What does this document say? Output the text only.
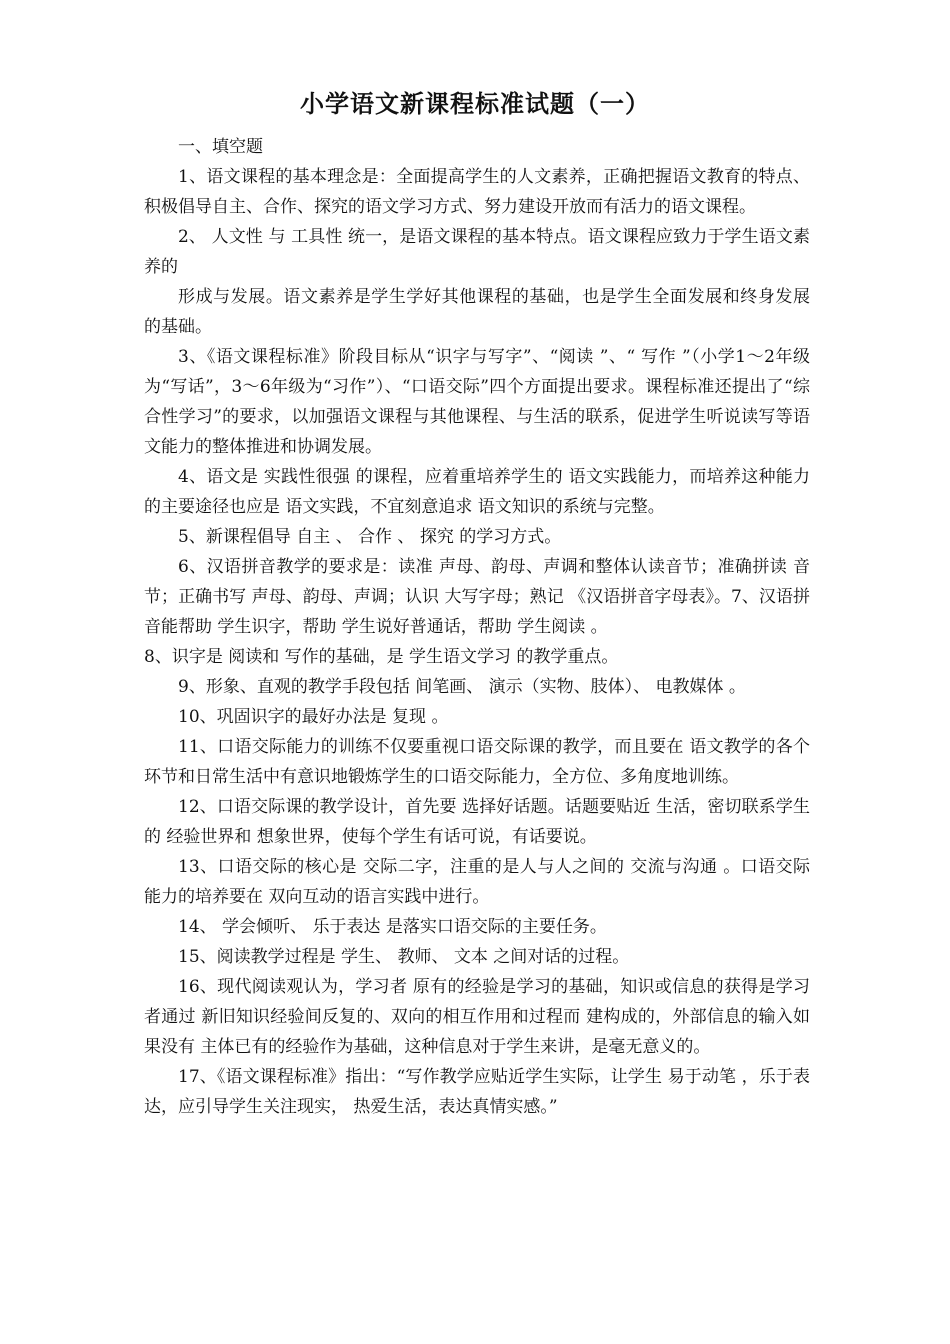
小学语文新课程标准试题（一）

一、填空题

1、语文课程的基本理念是：全面提高学生的人文素养，正确把握语文教育的特点、积极倡导自主、合作、探究的语文学习方式、努力建设开放而有活力的语文课程。

2、 人文性 与 工具性 统一，是语文课程的基本特点。语文课程应致力于学生语文素养的

形成与发展。语文素养是学生学好其他课程的基础，也是学生全面发展和终身发展 的基础。

3、《语文课程标准》阶段目标从“识字与写字”、“阅读 ”、“ 写作 ”（小学1～2年级为“写话”，3～6年级为“习作”）、“口语交际”四个方面提出要求。课程标准还提出了“综合性学习”的要求，以加强语文课程与其他课程、与生活的联系，促进学生听说读写等语文能力的整体推进和协调发展。

4、语文是 实践性很强 的课程，应着重培养学生的 语文实践能力，而培养这种能力的主要途径也应是 语文实践，不宜刻意追求 语文知识的系统与完整。

5、新课程倡导 自主 、 合作 、 探究 的学习方式。

6、汉语拼音教学的要求是：读准 声母、韵母、声调和整体认读音节；准确拼读 音节；正确书写 声母、韵母、声调；认识 大写字母；熟记 《汉语拼音字母表》。7、汉语拼音能帮助 学生识字，帮助 学生说好普通话，帮助 学生阅读 。

8、识字是 阅读和 写作的基础，是 学生语文学习 的教学重点。

9、形象、直观的教学手段包括 间笔画、 演示（实物、肢体）、 电教媒体 。

10、巩固识字的最好办法是 复现 。

11、口语交际能力的训练不仅要重视口语交际课的教学，而且要在 语文教学的各个环节和日常生活中有意识地锻炼学生的口语交际能力，全方位、多角度地训练。

12、口语交际课的教学设计，首先要 选择好话题。话题要贴近 生活，密切联系学生的 经验世界和 想象世界，使每个学生有话可说，有话要说。

13、口语交际的核心是 交际二字，注重的是人与人之间的 交流与沟通 。口语交际能力的培养要在 双向互动的语言实践中进行。

14、 学会倾听、 乐于表达 是落实口语交际的主要任务。

15、阅读教学过程是 学生、 教师、 文本 之间对话的过程。

16、现代阅读观认为，学习者 原有的经验是学习的基础，知识或信息的获得是学习者通过 新旧知识经验间反复的、双向的相互作用和过程而 建构成的，外部信息的输入如果没有 主体已有的经验作为基础，这种信息对于学生来讲，是毫无意义的。

17、《语文课程标准》指出：“写作教学应贴近学生实际，让学生 易于动笔 ，乐于表达，应引导学生关注现实， 热爱生活，表达真情实感。”
